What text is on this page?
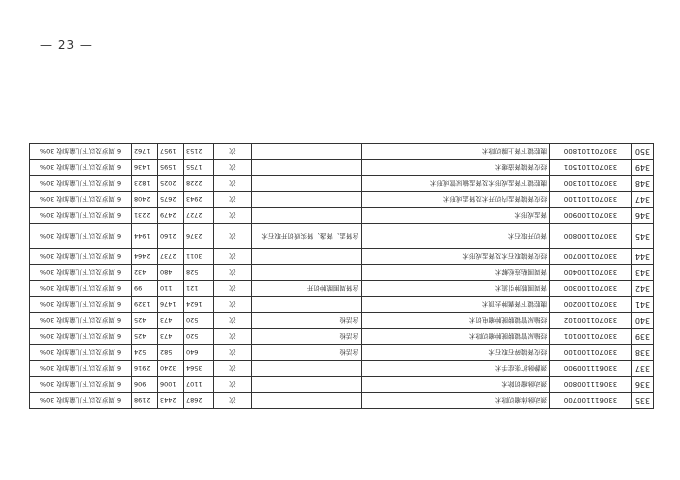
— 23 —
335	330611100700	颈动脉体瘤切除术		次	2687	2443	2198	6 周岁及以下儿童加收 30%
336	330611100800	颈动脉瘤切除术		次	1107	1006	906	6 周岁及以下儿童加收 30%
337	330611100900	颈静脉扩张症手术		次	3564	3240	2916	6 周岁及以下儿童加收 30%
338	330701100100	经皮肾镜碎石取石术	含活检	次	640	582	524	6 周岁及以下儿童加收 30%
339	330701100101	经输尿管镜膀胱肿瘤切除术	含活检	次	520	473	425	6 周岁及以下儿童加收 30%
340	330701100102	经输尿管镜膀胱肿瘤电切术	含活检	次	520	473	425	6 周岁及以下儿童加收 30%
341	330701100200	腹腔镜下肾囊肿去顶术		次	1624	1476	1329	6 周岁及以下儿童加收 30%
342	330701100300	肾周围脓肿引流术	含肾周围脓肿切开	次	121	110	99	6 周岁及以下儿童加收 30%
343	330701100400	肾周围粘连松解术		次	528	480	432	6 周岁及以下儿童加收 30%
344	330701100700	经皮肾镜取石术及肾盂成形术		次	3011	2737	2464	6 周岁及以下儿童加收 30%
345	330701100800	肾切开取石术	含肾盂、肾盏、肾实质切开取石术	次	2376	2160	1944	6 周岁及以下儿童加收 30%
346	330701100900	肾盂成形术		次	2727	2479	2231	6 周岁及以下儿童加收 30%
347	330701101100	经皮肾镜肾盂内切开术及肾盂成形术		次	2943	2675	2408	6 周岁及以下儿童加收 30%
348	330701101300	腹腔镜下肾盂成形术及肾盂输尿管成形术		次	2228	2025	1823	6 周岁及以下儿童加收 30%
349	330701101501	经皮肾镜肾造瘘术		次	1755	1595	1436	6 周岁及以下儿童加收 30%
350	330701101800	腹腔镜下肾上腺切除术		次	2153	1957	1762	6 周岁及以下儿童加收 30%
